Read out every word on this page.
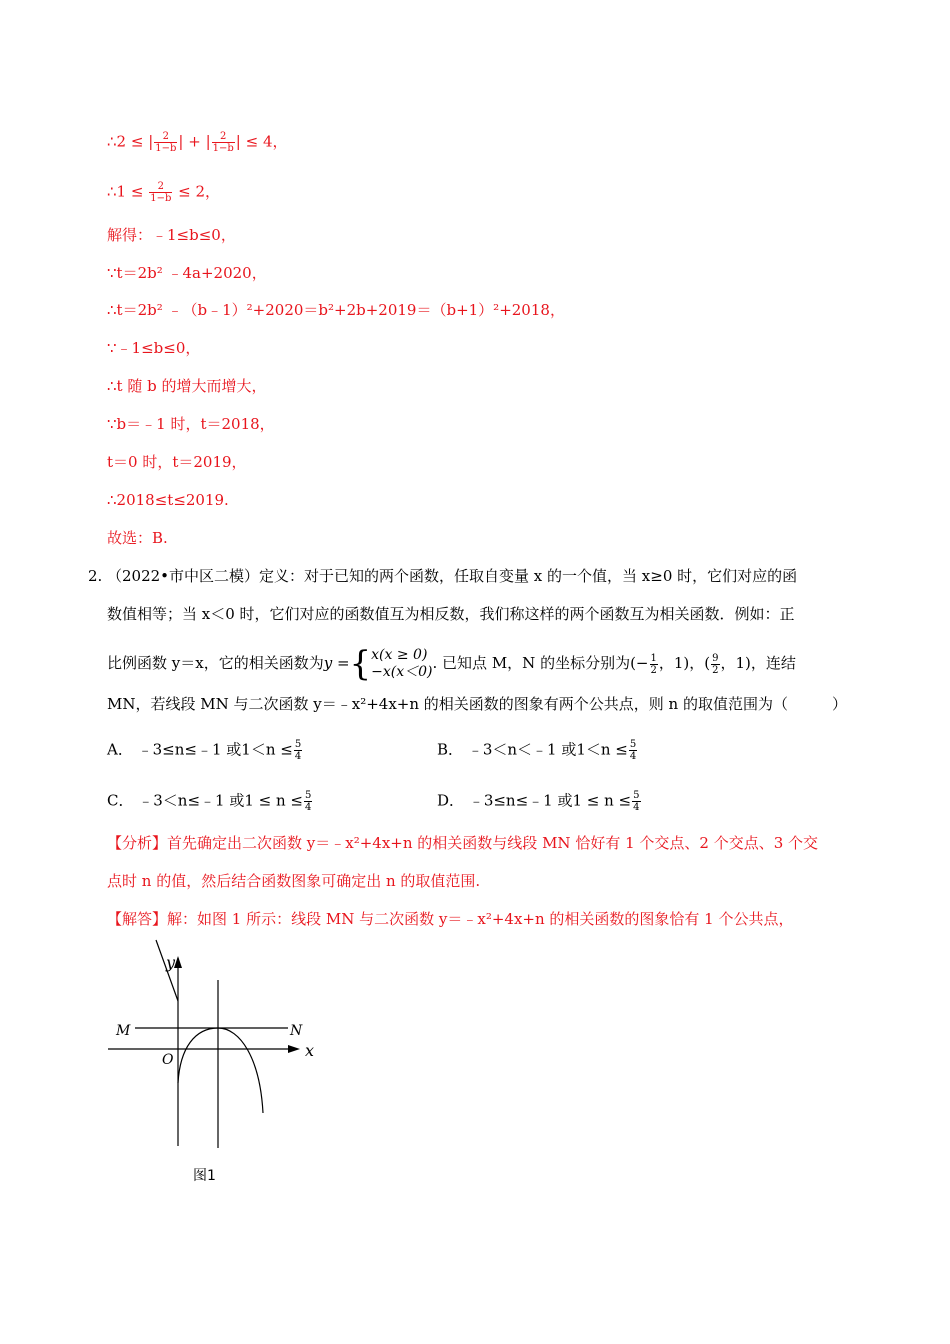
∴2 ≤ | $\frac{2}{1-b}$ | + | $\frac{2}{1-b}$ | ≤ 4，
∴1 ≤ $\frac{2}{1-b} \le 2$，
解得：﹣1≤b≤0，
∵t＝2b² ﹣4a+2020，
∴t＝2b² ﹣（b﹣1）²+2020＝b²+2b+2019＝（b+1）²+2018，
∵﹣1≤b≤0，
∴t 随 b 的增大而增大，
∵b＝﹣1 时，t＝2018，
t＝0 时，t＝2019，
∴2018≤t≤2019.
故选：B.
2. （2022•市中区二模）定义：对于已知的两个函数，任取自变量 x 的一个值，当 x≥0 时，它们对应的函
数值相等；当 x＜0 时，它们对应的函数值互为相反数，我们称这样的两个函数互为相关函数．例如：正
比例函数 y＝x，它的相关函数为y ={ x(x ≥ 0)
−x(x＜0) . 已知点 M，N 的坐标分别为(− $\frac{1}{2}$ ，1)，( $\frac{9}{2}$ ，1)，连结
MN，若线段 MN 与二次函数 y＝﹣x²+4x+n 的相关函数的图象有两个公共点，则 n 的取值范围为（	）
A． ﹣3≤n≤﹣1 或$1<n \le \frac{5}{4}$	B． ﹣3＜n＜﹣1 或$1<n \le \frac{5}{4}$
C． ﹣3＜n≤﹣1 或$1 \le n \le \frac{5}{4}$	D． ﹣3≤n≤﹣1 或$1 \le n \le \frac{5}{4}$
【分析】首先确定出二次函数 y＝﹣x²+4x+n 的相关函数与线段 MN 恰好有 1 个交点、2 个交点、3 个交
点时 n 的值，然后结合函数图象可确定出 n 的取值范围.
【解答】解：如图 1 所示：线段 MN 与二次函数 y＝﹣x²+4x+n 的相关函数的图象恰有 1 个公共点，
y
x
M	N
O
图1
